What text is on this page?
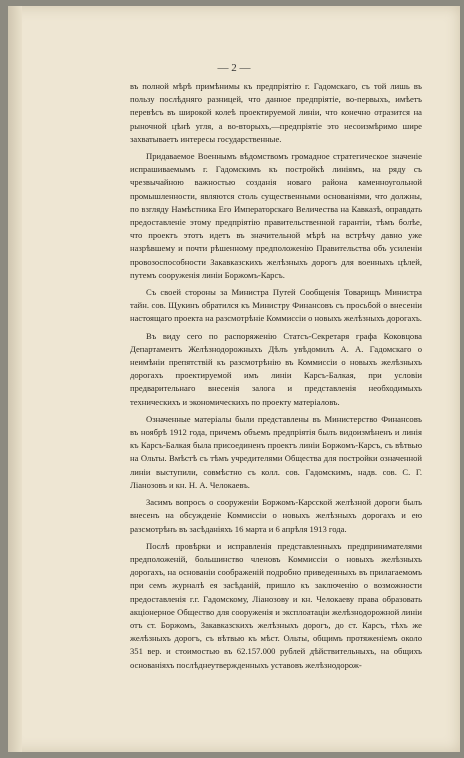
— 2 —

въ полной мѣрѣ примѣнимы къ предпріятію г. Гадомскаго, съ той лишь въ пользу послѣдняго разницей, что данное предпріятіе, во-первыхъ, имѣетъ перевѣсъ въ широкой колеѣ проектируемой линіи, что конечно отразится на рыночной цѣнѣ угля, а во-вторыхъ,—предпріятіе это несоизмѣримо шире захватываетъ интересы государственные.

Придаваемое Военнымъ вѣдомствомъ громадное стратегическое значеніе испрашиваемымъ г. Гадомскимъ къ постройкѣ линіямъ, на ряду съ чрезвычайною важностью созданія новаго района каменноугольной промышленности, являются столь существенными основаніями, что должны, по взгляду Намѣстника Его Императорскаго Величества на Кавказѣ, оправдать предоставленіе этому предпріятію правительственной гарантіи, тѣмъ болѣе, что проектъ этотъ идетъ въ значительной мѣрѣ на встрѣчу давно уже назрѣвшему и почти рѣшенному предположенію Правительства объ усиленіи провозоспособности Закавказскихъ желѣзныхъ дорогъ для военныхъ цѣлей, путемъ сооруженія линіи Боржомъ-Карсъ.

Съ своей стороны за Министра Путей Сообщенія Товарищъ Министра тайн. сов. Щукинъ обратился къ Министру Финансовъ съ просьбой о внесеніи настоящаго проекта на разсмотрѣніе Коммиссіи о новыхъ желѣзныхъ дорогахъ.

Въ виду сего по распоряженію Статсъ-Секретаря графа Коковцова Департаментъ Желѣзнодорожныхъ Дѣлъ увѣдомилъ А. А. Гадомскаго о неимѣніи препятствій къ разсмотрѣнію въ Коммиссіи о новыхъ желѣзныхъ дорогахъ проектируемой имъ линіи Карсъ-Балкая, при условіи предварительнаго внесенія залога и представленія необходимыхъ техническихъ и экономическихъ по проекту матеріаловъ.

Означенные матеріалы были представлены въ Министерство Финансовъ въ ноябрѣ 1912 года, причемъ объемъ предпріятія былъ видоизмѣненъ и линія къ Карсъ-Балкая была присоединенъ проектъ линіи Боржомъ-Карсъ, съ вѣтвью на Ольты. Вмѣстѣ съ тѣмъ учредителями Общества для постройки означенной линіи выступили, совмѣстно съ колл. сов. Гадомскимъ, надв. сов. С. Г. Ліанозовъ и кн. Н. А. Челокаевъ.

Засимъ вопросъ о сооруженіи Боржомъ-Карсской желѣзной дороги былъ внесенъ на обсужденіе Коммиссіи о новыхъ желѣзныхъ дорогахъ и ею разсмотрѣнъ въ засѣданіяхъ 16 марта и 6 апрѣля 1913 года.

Послѣ провѣрки и исправленія представленныхъ предпринимателями предположеній, большинство членовъ Коммиссіи о новыхъ желѣзныхъ дорогахъ, на основаніи соображеній подробно приведенныхъ въ прилагаемомъ при семъ журналѣ ея засѣданій, пришло къ заключенію о возможности предоставленія г.г. Гадомскому, Ліанозову и кн. Челокаеву права образовать акціонерное Общество для сооруженія и эксплоатаціи желѣзнодорожной линіи отъ ст. Боржомъ, Закавказскихъ желѣзныхъ дорогъ, до ст. Карсъ, тѣхъ же желѣзныхъ дорогъ, съ вѣтвью къ мѣст. Ольты, общимъ протяженіемъ около 351 вер. и стоимостью въ 62.157.000 рублей дѣйствительныхъ, на общихъ основаніяхъ послѣднеутвержденныхъ уставовъ желѣзнодорож-
